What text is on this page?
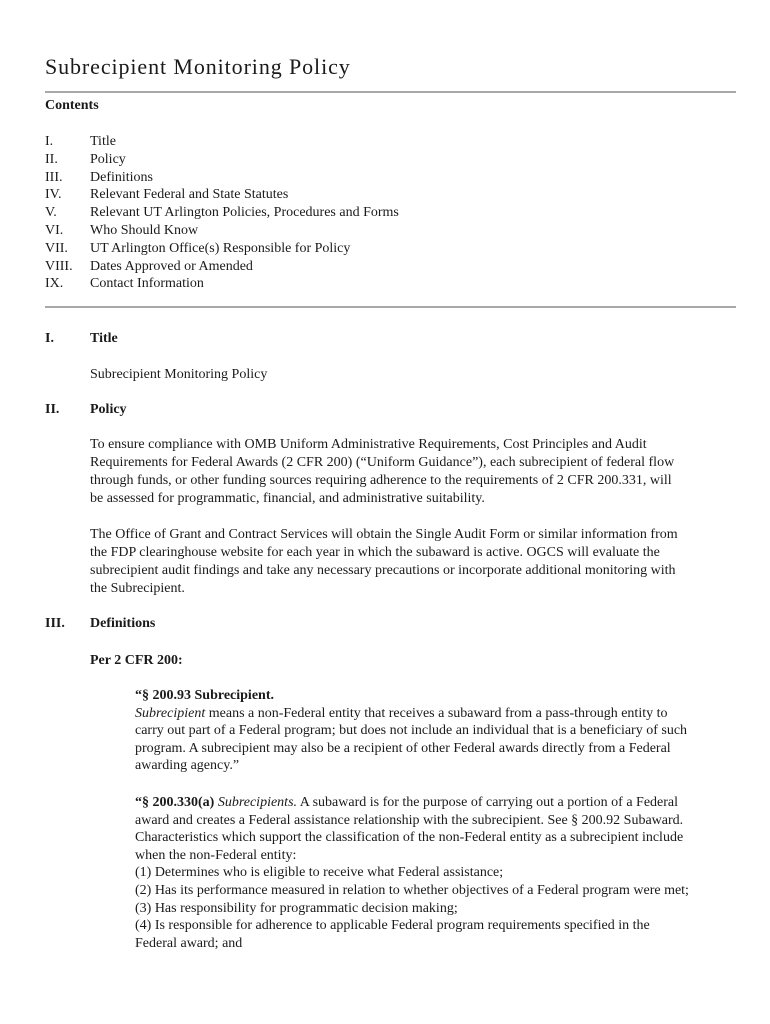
Subrecipient Monitoring Policy
Contents
I.	Title
II.	Policy
III.	Definitions
IV.	Relevant Federal and State Statutes
V.	Relevant UT Arlington Policies, Procedures and Forms
VI.	Who Should Know
VII.	UT Arlington Office(s) Responsible for Policy
VIII.	Dates Approved or Amended
IX.	Contact Information
I.	Title
Subrecipient Monitoring Policy
II. Policy
To ensure compliance with OMB Uniform Administrative Requirements, Cost Principles and Audit
Requirements for Federal Awards (2 CFR 200) (“Uniform Guidance”), each subrecipient of federal flow
through funds, or other funding sources requiring adherence to the requirements of 2 CFR 200.331, will
be assessed for programmatic, financial, and administrative suitability.
The Office of Grant and Contract Services will obtain the Single Audit Form or similar information from
the FDP clearinghouse website for each year in which the subaward is active. OGCS will evaluate the
subrecipient audit findings and take any necessary precautions or incorporate additional monitoring with
the Subrecipient.
III. Definitions
Per 2 CFR 200:
“§ 200.93 Subrecipient.
Subrecipient means a non-Federal entity that receives a subaward from a pass-through entity to
carry out part of a Federal program; but does not include an individual that is a beneficiary of such
program. A subrecipient may also be a recipient of other Federal awards directly from a Federal
awarding agency.”
“§ 200.330(a) Subrecipients. A subaward is for the purpose of carrying out a portion of a Federal
award and creates a Federal assistance relationship with the subrecipient. See § 200.92 Subaward.
Characteristics which support the classification of the non-Federal entity as a subrecipient include
when the non-Federal entity:
(1) Determines who is eligible to receive what Federal assistance;
(2) Has its performance measured in relation to whether objectives of a Federal program were met;
(3) Has responsibility for programmatic decision making;
(4) Is responsible for adherence to applicable Federal program requirements specified in the
Federal award; and
